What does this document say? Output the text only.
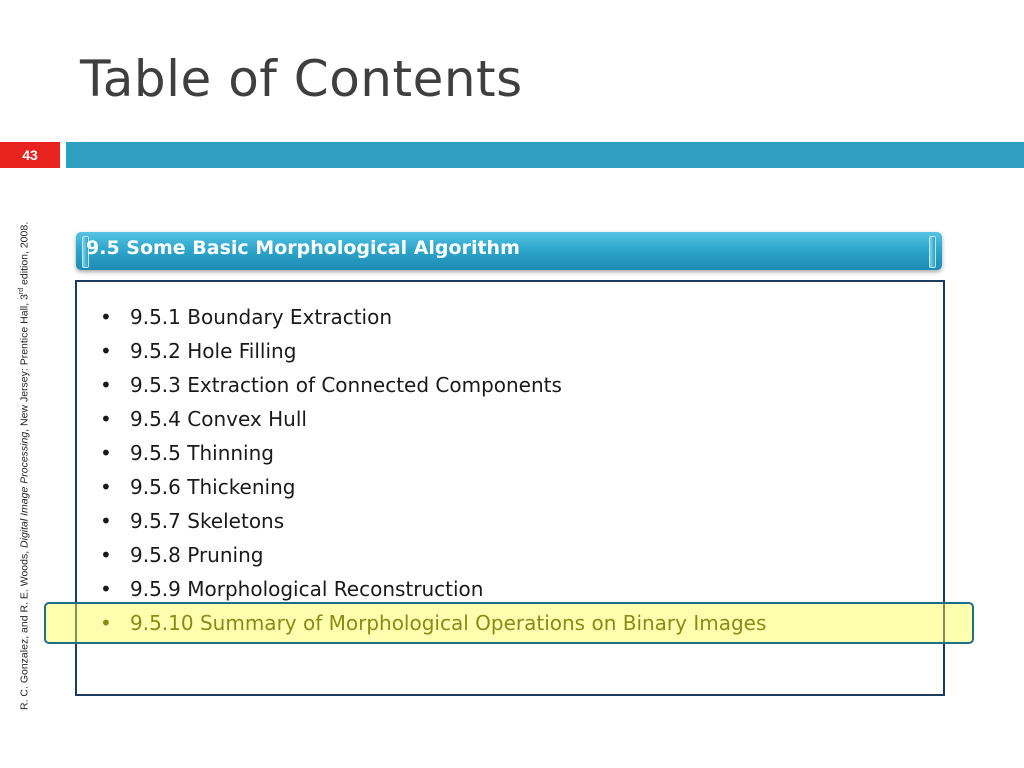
Table of Contents
43
R. C. Gonzalez, and R. E. Woods, Digital Image Processing, New Jersey: Prentice Hall, 3rd edition, 2008.	9.5 Some Basic Morphological Algorithm
• 9.5.1 Boundary Extraction
• 9.5.2 Hole Filling
• 9.5.3 Extraction of Connected Components
• 9.5.4 Convex Hull
• 9.5.5 Thinning
• 9.5.6 Thickening
• 9.5.7 Skeletons
• 9.5.8 Pruning
• 9.5.9 Morphological Reconstruction
• 9.5.10 Summary of Morphological Operations on Binary Images
